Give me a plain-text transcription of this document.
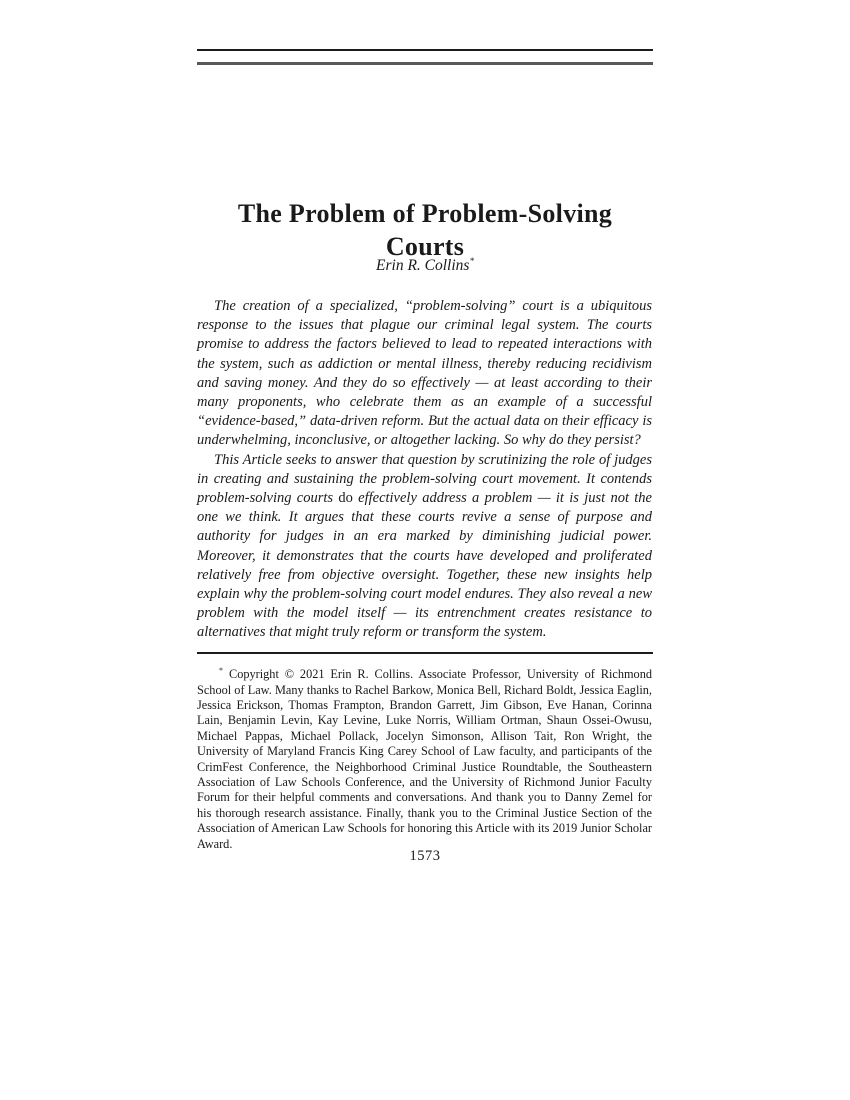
The Problem of Problem-Solving
Courts
Erin R. Collins*

The creation of a specialized, “problem-solving” court is a ubiquitous response to the issues that plague our criminal legal system. The courts promise to address the factors believed to lead to repeated interactions with the system, such as addiction or mental illness, thereby reducing recidivism and saving money. And they do so effectively — at least according to their many proponents, who celebrate them as an example of a successful “evidence-based,” data-driven reform. But the actual data on their efficacy is underwhelming, inconclusive, or altogether lacking. So why do they persist?

This Article seeks to answer that question by scrutinizing the role of judges in creating and sustaining the problem-solving court movement. It contends problem-solving courts do effectively address a problem — it is just not the one we think. It argues that these courts revive a sense of purpose and authority for judges in an era marked by diminishing judicial power. Moreover, it demonstrates that the courts have developed and proliferated relatively free from objective oversight. Together, these new insights help explain why the problem-solving court model endures. They also reveal a new problem with the model itself — its entrenchment creates resistance to alternatives that might truly reform or transform the system.

* Copyright © 2021 Erin R. Collins. Associate Professor, University of Richmond School of Law. Many thanks to Rachel Barkow, Monica Bell, Richard Boldt, Jessica Eaglin, Jessica Erickson, Thomas Frampton, Brandon Garrett, Jim Gibson, Eve Hanan, Corinna Lain, Benjamin Levin, Kay Levine, Luke Norris, William Ortman, Shaun Ossei-Owusu, Michael Pappas, Michael Pollack, Jocelyn Simonson, Allison Tait, Ron Wright, the University of Maryland Francis King Carey School of Law faculty, and participants of the CrimFest Conference, the Neighborhood Criminal Justice Roundtable, the Southeastern Association of Law Schools Conference, and the University of Richmond Junior Faculty Forum for their helpful comments and conversations. And thank you to Danny Zemel for his thorough research assistance. Finally, thank you to the Criminal Justice Section of the Association of American Law Schools for honoring this Article with its 2019 Junior Scholar Award.

1573
